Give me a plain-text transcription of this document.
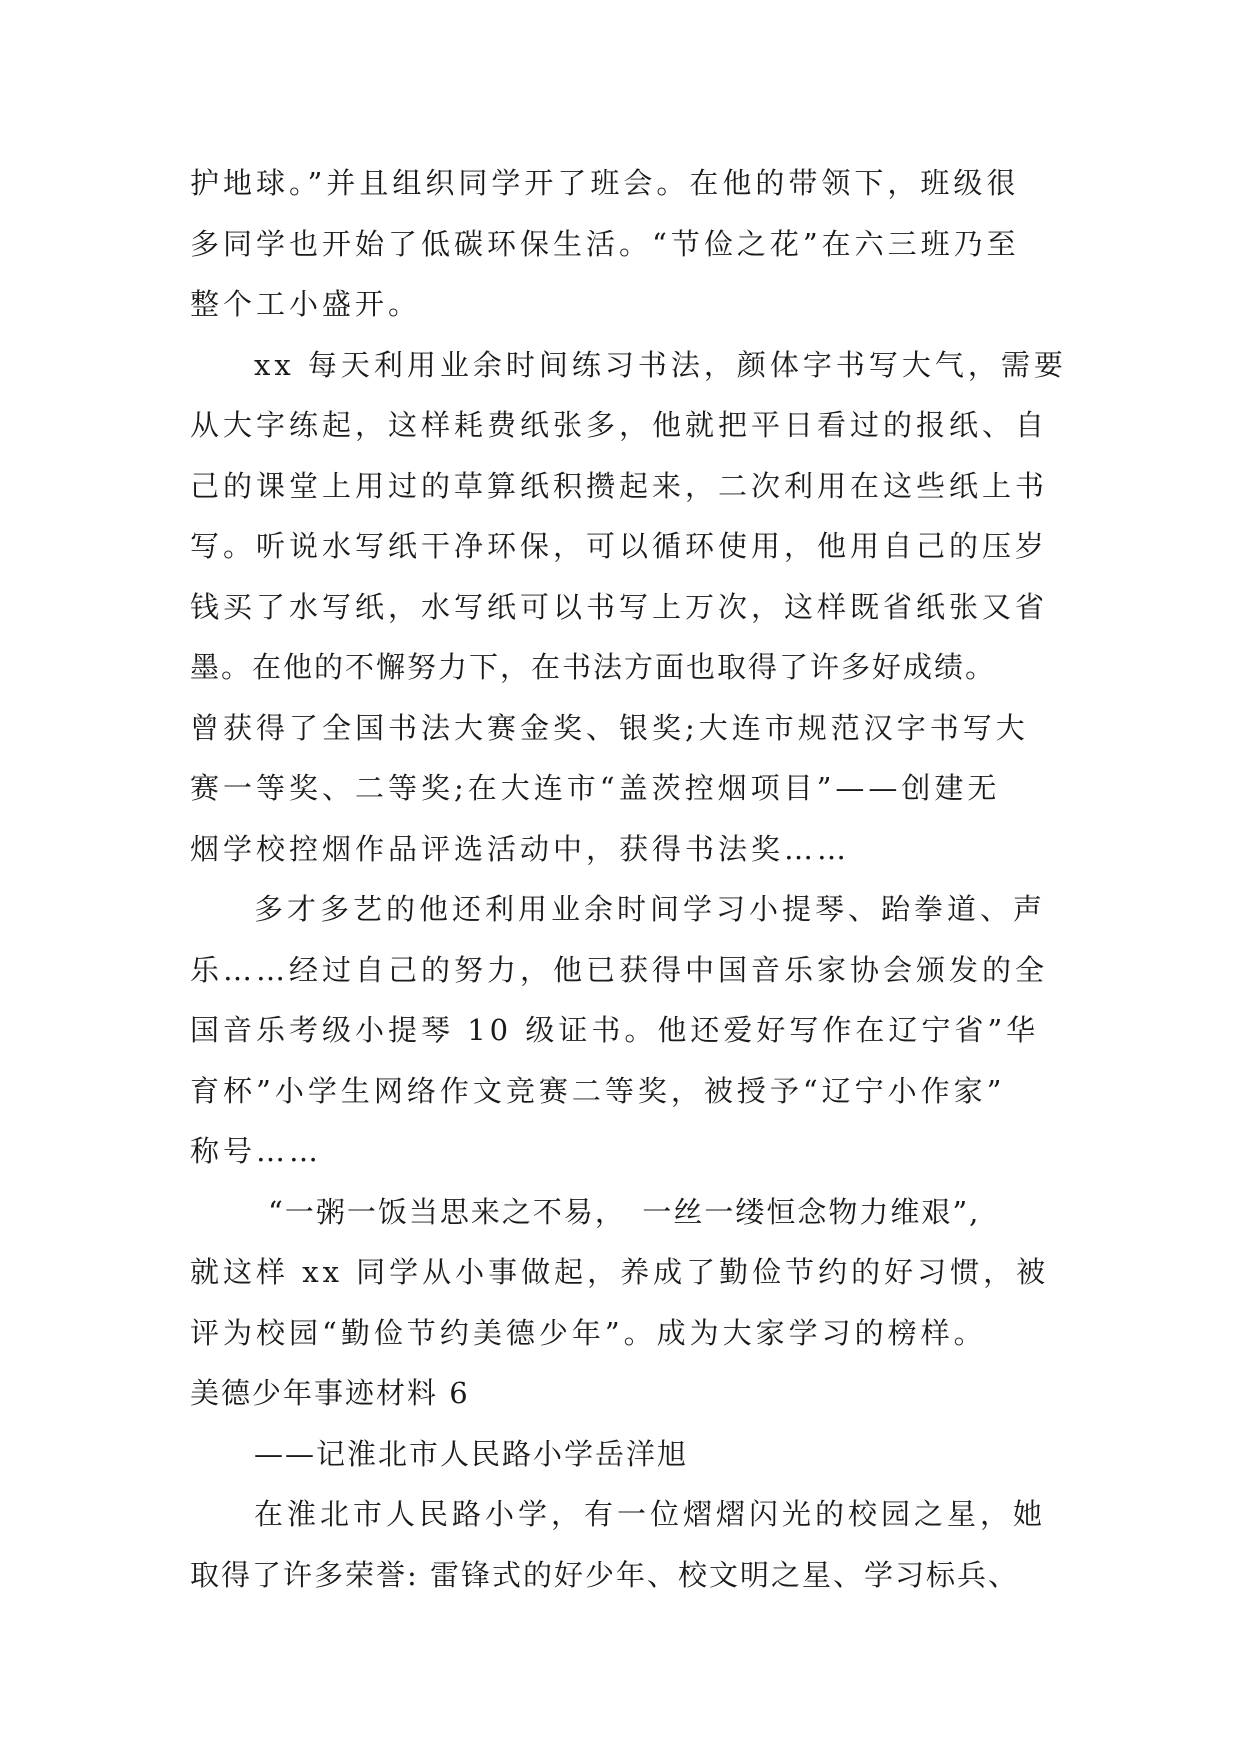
护地球。”并且组织同学开了班会。在他的带领下，班级很
多同学也开始了低碳环保生活。“节俭之花”在六三班乃至
整个工小盛开。
xx 每天利用业余时间练习书法，颜体字书写大气，需要
从大字练起，这样耗费纸张多，他就把平日看过的报纸、自
己的课堂上用过的草算纸积攒起来，二次利用在这些纸上书
写。听说水写纸干净环保，可以循环使用，他用自己的压岁
钱买了水写纸，水写纸可以书写上万次，这样既省纸张又省
墨。在他的不懈努力下，在书法方面也取得了许多好成绩。
曾获得了全国书法大赛金奖、银奖;大连市规范汉字书写大
赛一等奖、二等奖;在大连市“盖茨控烟项目”——创建无
烟学校控烟作品评选活动中，获得书法奖……
多才多艺的他还利用业余时间学习小提琴、跆拳道、声
乐……经过自己的努力，他已获得中国音乐家协会颁发的全
国音乐考级小提琴 10 级证书。他还爱好写作在辽宁省”华
育杯”小学生网络作文竞赛二等奖，被授予“辽宁小作家”
称号……
“一粥一饭当思来之不易，　一丝一缕恒念物力维艰”,
就这样 xx 同学从小事做起，养成了勤俭节约的好习惯，被
评为校园“勤俭节约美德少年”。成为大家学习的榜样。
美德少年事迹材料 6
——记淮北市人民路小学岳洋旭
在淮北市人民路小学，有一位熠熠闪光的校园之星，她
取得了许多荣誉: 雷锋式的好少年、校文明之星、学习标兵、
